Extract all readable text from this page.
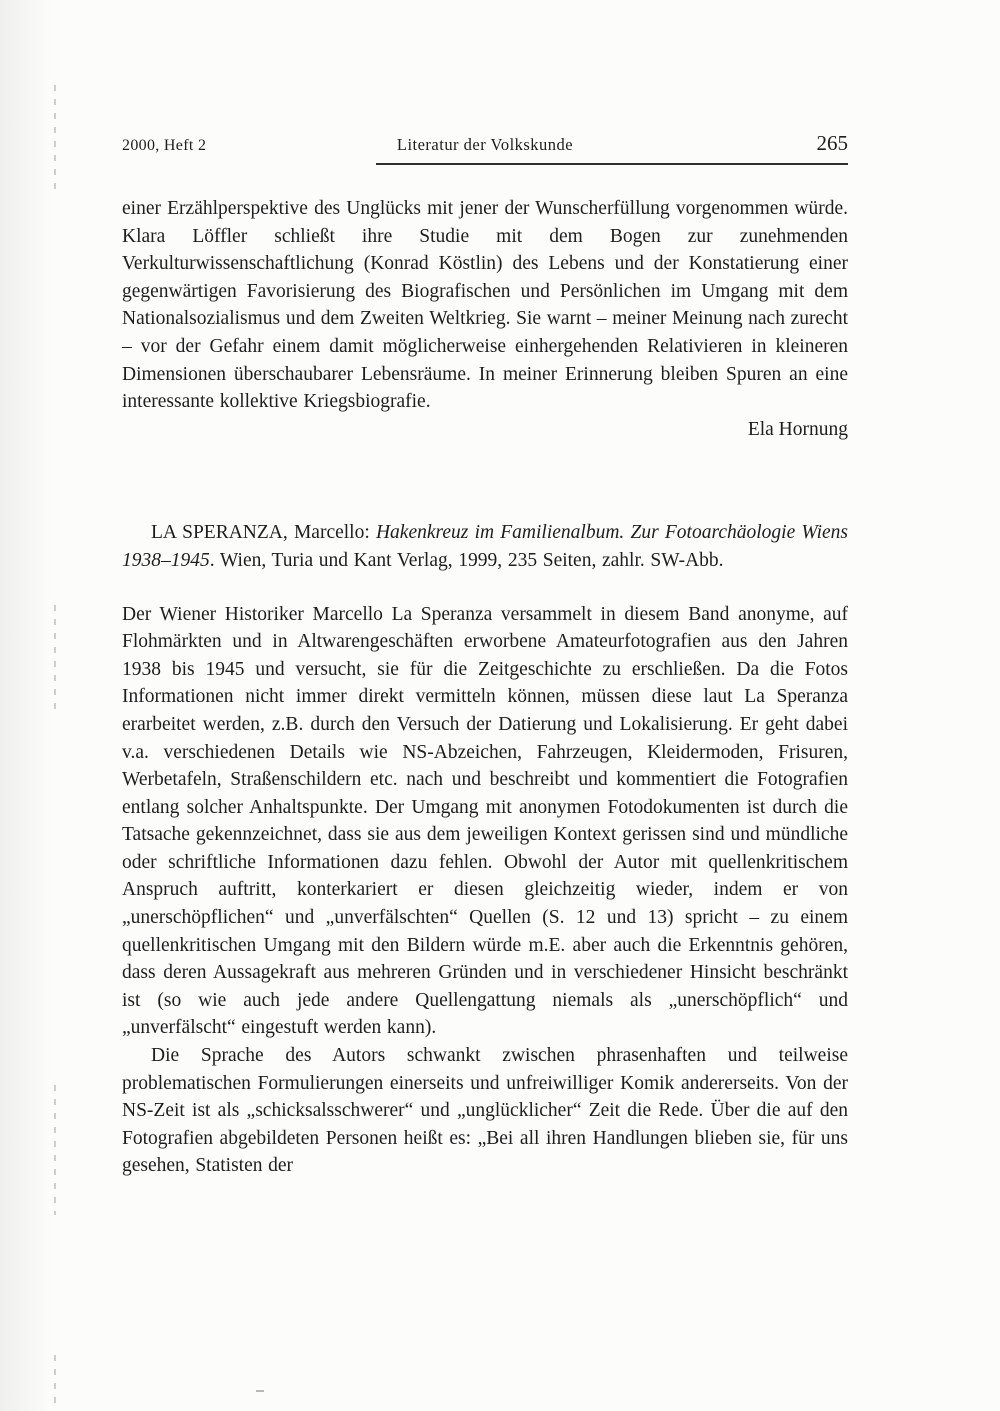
2000, Heft 2	Literatur der Volkskunde	265

einer Erzählperspektive des Unglücks mit jener der Wunscherfüllung vorgenommen würde. Klara Löffler schließt ihre Studie mit dem Bogen zur zunehmenden Verkulturwissenschaftlichung (Konrad Köstlin) des Lebens und der Konstatierung einer gegenwärtigen Favorisierung des Biografischen und Persönlichen im Umgang mit dem Nationalsozialismus und dem Zweiten Weltkrieg. Sie warnt – meiner Meinung nach zurecht – vor der Gefahr einem damit möglicherweise einhergehenden Relativieren in kleineren Dimensionen überschaubarer Lebensräume. In meiner Erinnerung bleiben Spuren an eine interessante kollektive Kriegsbiografie.

Ela Hornung

LA SPERANZA, Marcello: Hakenkreuz im Familienalbum. Zur Fotoarchäologie Wiens 1938–1945. Wien, Turia und Kant Verlag, 1999, 235 Seiten, zahlr. SW-Abb.

Der Wiener Historiker Marcello La Speranza versammelt in diesem Band anonyme, auf Flohmärkten und in Altwarengeschäften erworbene Amateurfotografien aus den Jahren 1938 bis 1945 und versucht, sie für die Zeitgeschichte zu erschließen. Da die Fotos Informationen nicht immer direkt vermitteln können, müssen diese laut La Speranza erarbeitet werden, z.B. durch den Versuch der Datierung und Lokalisierung. Er geht dabei v.a. verschiedenen Details wie NS-Abzeichen, Fahrzeugen, Kleidermoden, Frisuren, Werbetafeln, Straßenschildern etc. nach und beschreibt und kommentiert die Fotografien entlang solcher Anhaltspunkte. Der Umgang mit anonymen Fotodokumenten ist durch die Tatsache gekennzeichnet, dass sie aus dem jeweiligen Kontext gerissen sind und mündliche oder schriftliche Informationen dazu fehlen. Obwohl der Autor mit quellenkritischem Anspruch auftritt, konterkariert er diesen gleichzeitig wieder, indem er von „unerschöpflichen“ und „unverfälschten“ Quellen (S. 12 und 13) spricht – zu einem quellenkritischen Umgang mit den Bildern würde m.E. aber auch die Erkenntnis gehören, dass deren Aussagekraft aus mehreren Gründen und in verschiedener Hinsicht beschränkt ist (so wie auch jede andere Quellengattung niemals als „unerschöpflich“ und „unverfälscht“ eingestuft werden kann).

Die Sprache des Autors schwankt zwischen phrasenhaften und teilweise problematischen Formulierungen einerseits und unfreiwilliger Komik andererseits. Von der NS-Zeit ist als „schicksalsschwerer“ und „unglücklicher“ Zeit die Rede. Über die auf den Fotografien abgebildeten Personen heißt es: „Bei all ihren Handlungen blieben sie, für uns gesehen, Statisten der
